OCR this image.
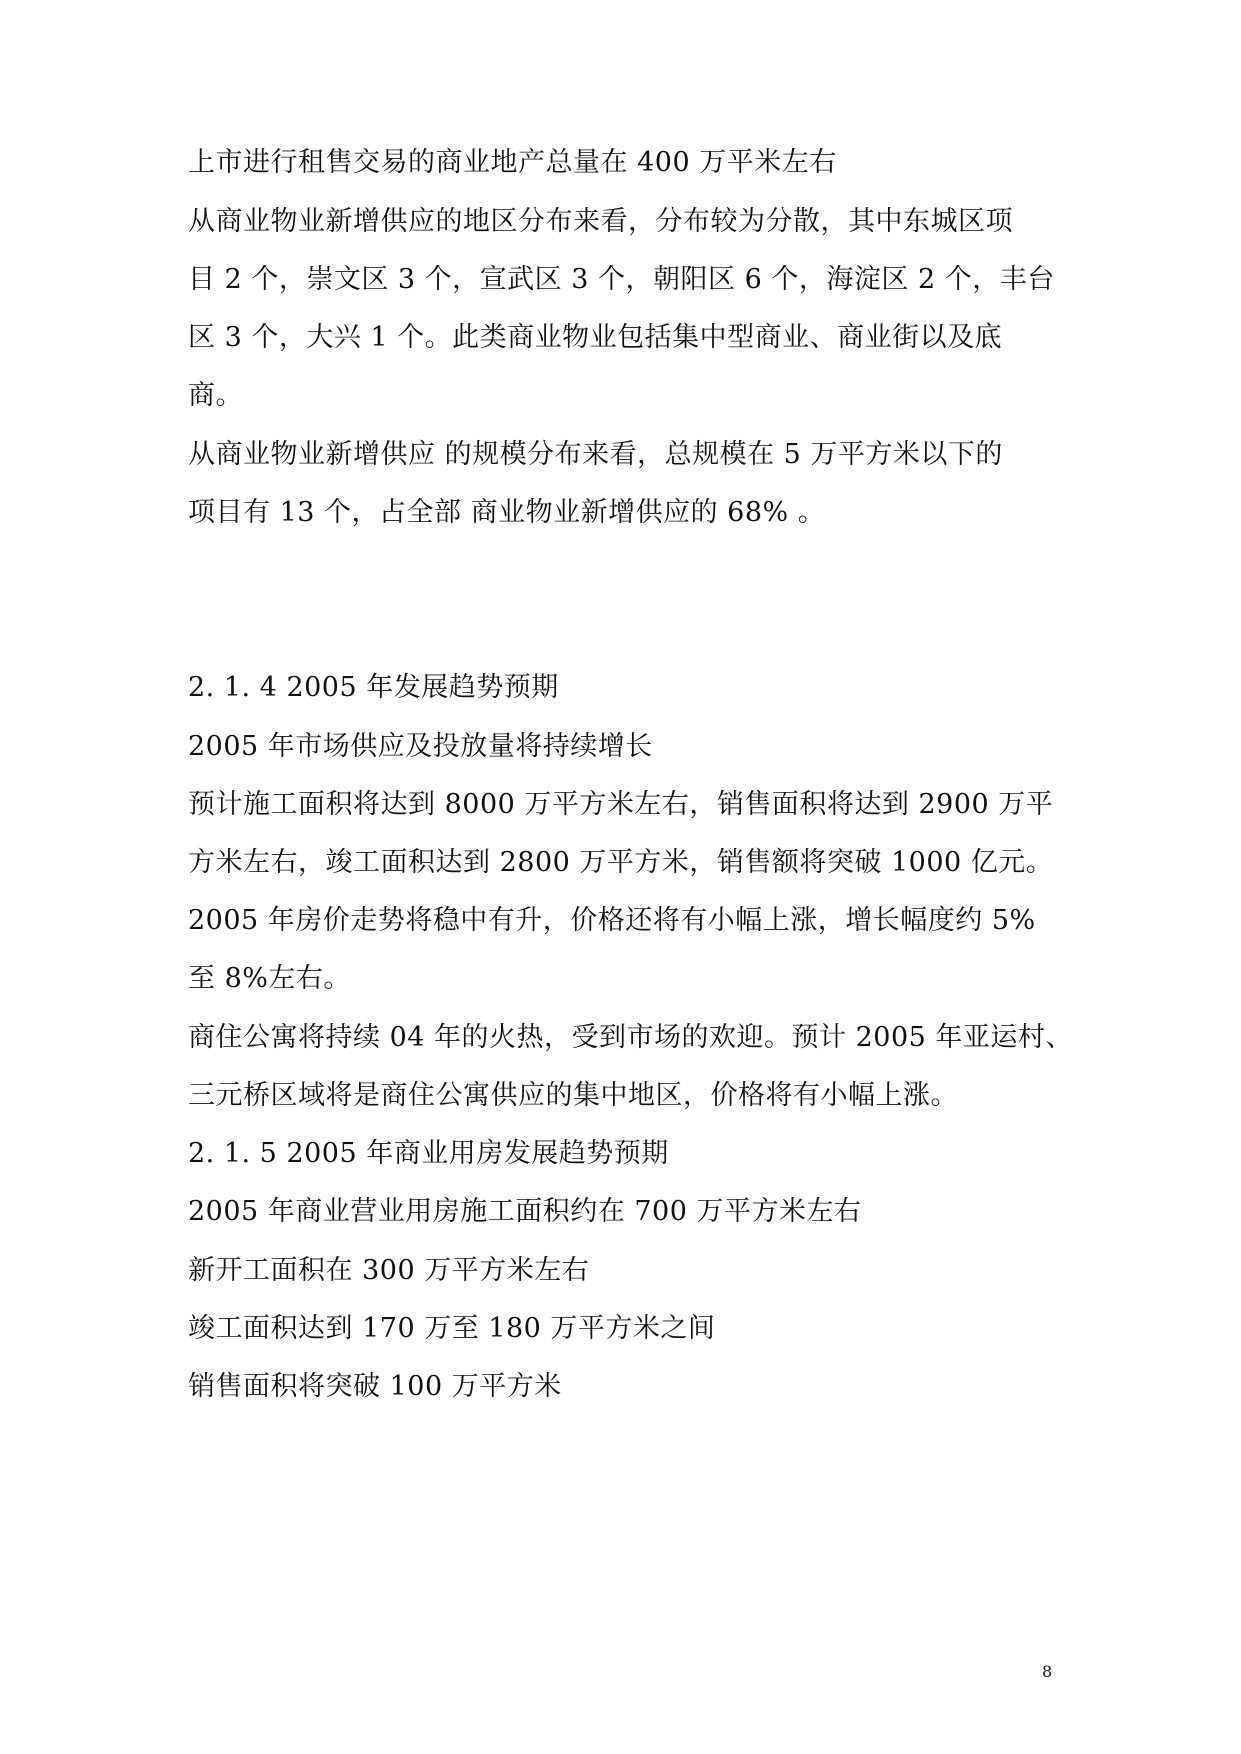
上市进行租售交易的商业地产总量在 400 万平米左右
从商业物业新增供应的地区分布来看，分布较为分散，其中东城区项
目 2 个，崇文区 3 个，宣武区 3 个，朝阳区 6 个，海淀区 2 个，丰台
区 3 个，大兴 1 个。此类商业物业包括集中型商业、商业街以及底
商。
从商业物业新增供应 的规模分布来看，总规模在 5 万平方米以下的
项目有 13 个，占全部 商业物业新增供应的 68% 。
2. 1. 4 2005 年发展趋势预期
2005 年市场供应及投放量将持续增长
预计施工面积将达到 8000 万平方米左右，销售面积将达到 2900 万平
方米左右，竣工面积达到 2800 万平方米，销售额将突破 1000 亿元。
2005 年房价走势将稳中有升，价格还将有小幅上涨，增长幅度约 5%
至 8%左右。
商住公寓将持续 04 年的火热，受到市场的欢迎。预计 2005 年亚运村、
三元桥区域将是商住公寓供应的集中地区，价格将有小幅上涨。
2. 1. 5 2005 年商业用房发展趋势预期
2005 年商业营业用房施工面积约在 700 万平方米左右
新开工面积在 300 万平方米左右
竣工面积达到 170 万至 180 万平方米之间
销售面积将突破 100 万平方米
8
